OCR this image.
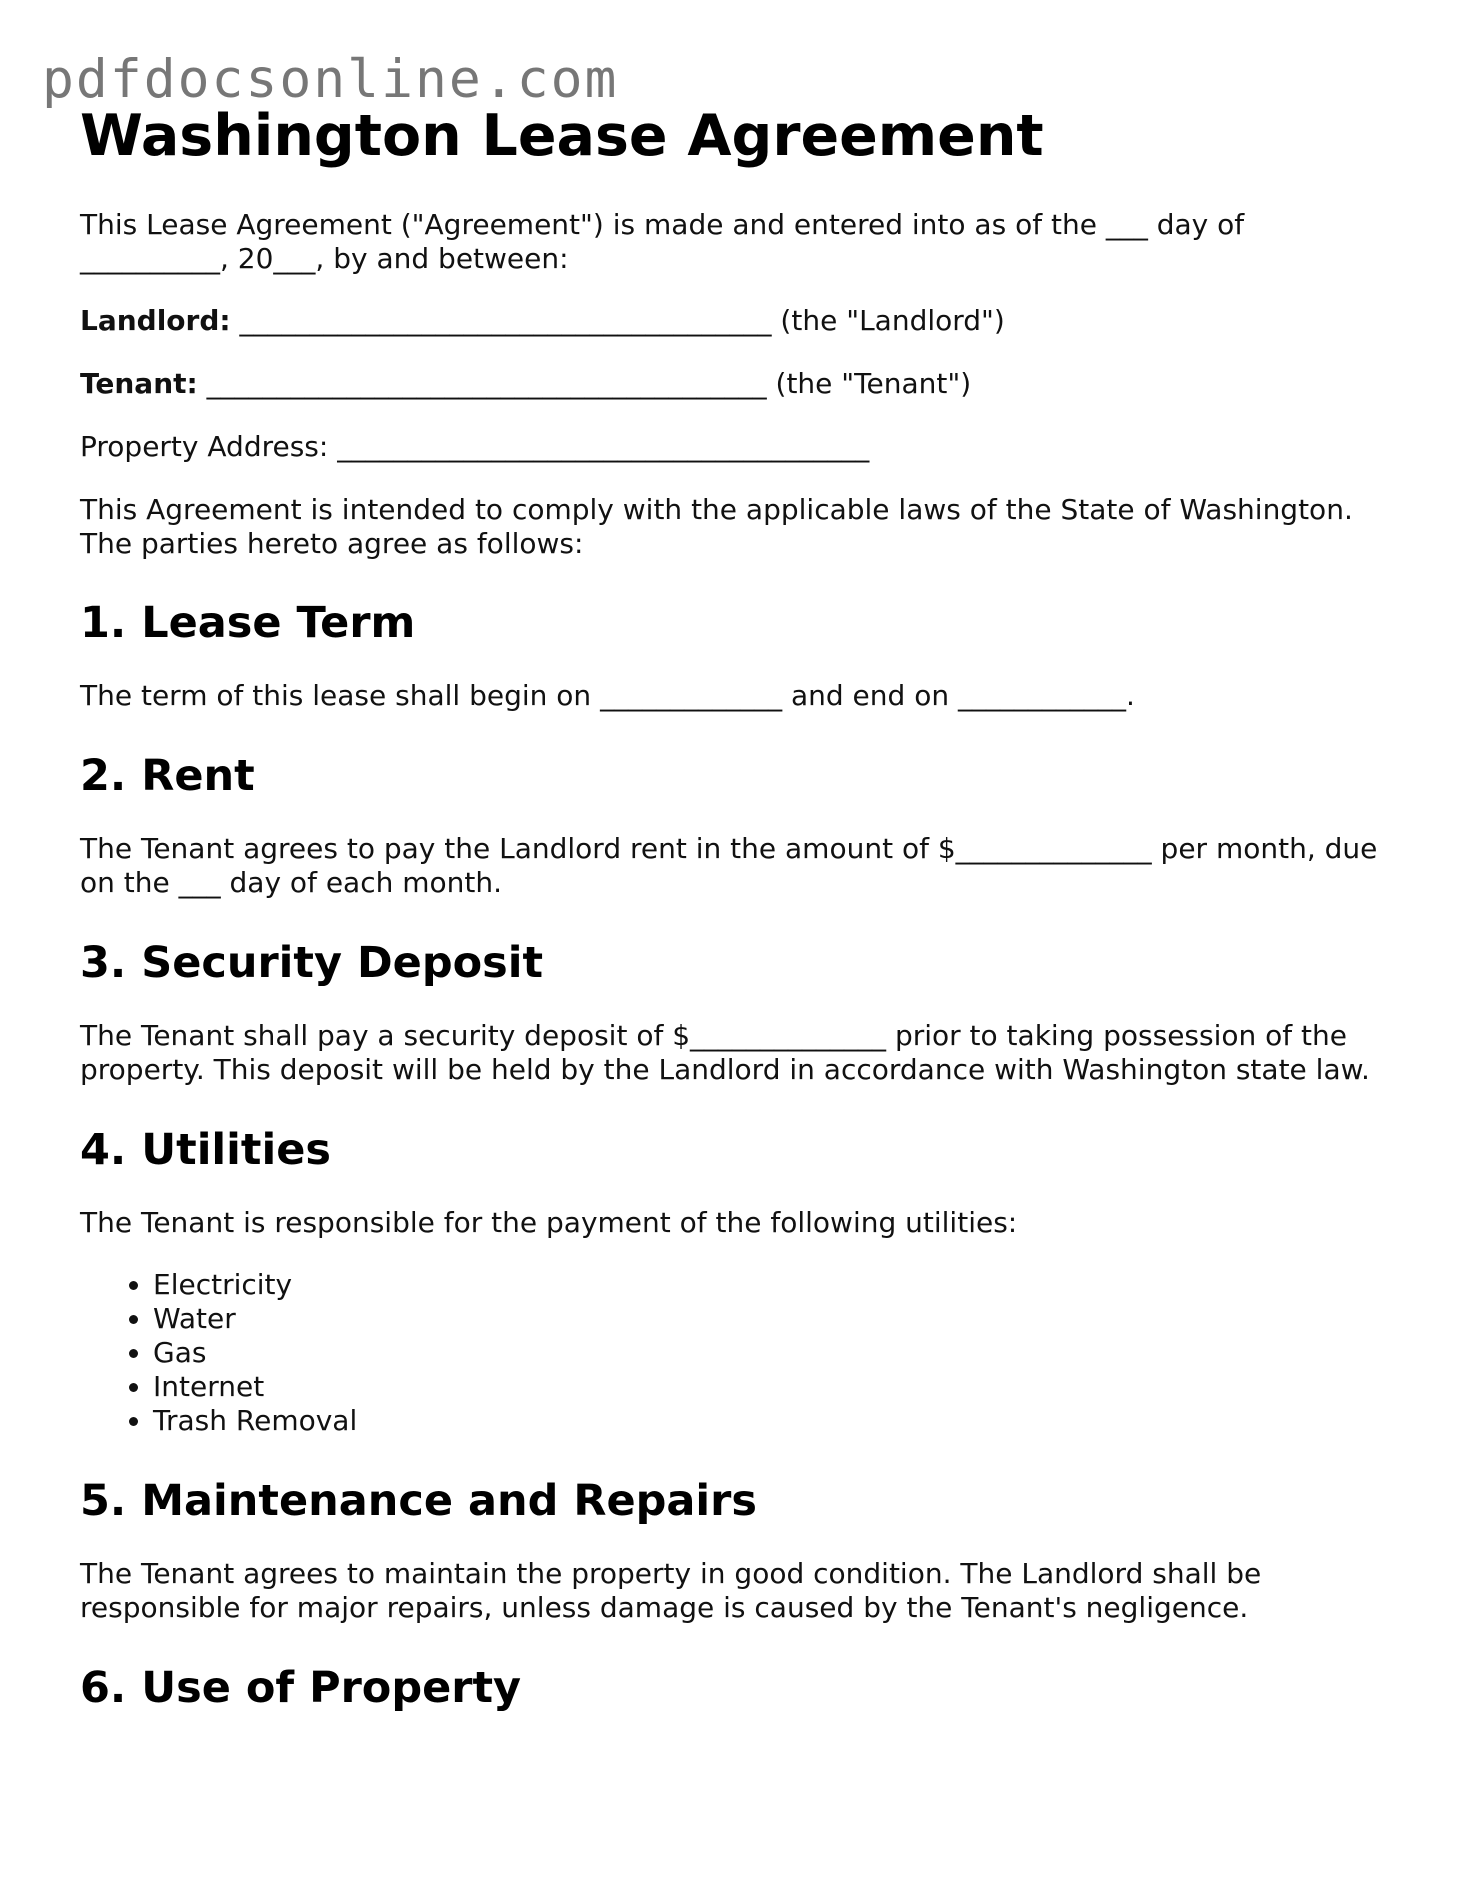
pdfdocsonline.com
Washington Lease Agreement

This Lease Agreement ("Agreement") is made and entered into as of the ___ day of __________, 20___, by and between:

Landlord: ______________________________________ (the "Landlord")

Tenant: ________________________________________ (the "Tenant")

Property Address: ______________________________________

This Agreement is intended to comply with the applicable laws of the State of Washington. The parties hereto agree as follows:

1. Lease Term

The term of this lease shall begin on _____________ and end on ____________.

2. Rent

The Tenant agrees to pay the Landlord rent in the amount of $______________ per month, due on the ___ day of each month.

3. Security Deposit

The Tenant shall pay a security deposit of $______________ prior to taking possession of the property. This deposit will be held by the Landlord in accordance with Washington state law.

4. Utilities

The Tenant is responsible for the payment of the following utilities:

• Electricity
• Water
• Gas
• Internet
• Trash Removal
5. Maintenance and Repairs

The Tenant agrees to maintain the property in good condition. The Landlord shall be responsible for major repairs, unless damage is caused by the Tenant's negligence.

6. Use of Property
